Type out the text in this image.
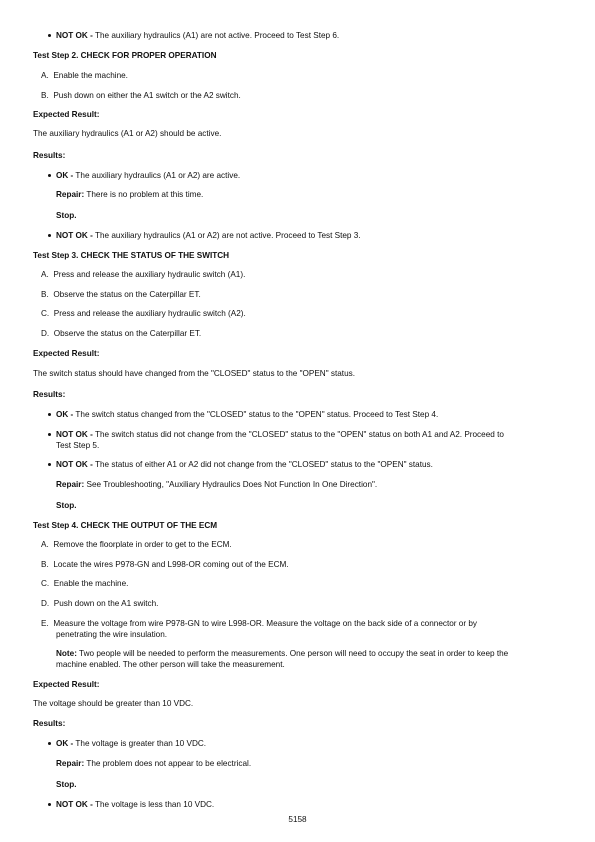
NOT OK - The auxiliary hydraulics (A1) are not active. Proceed to Test Step 6.
Test Step 2. CHECK FOR PROPER OPERATION
A. Enable the machine.
B. Push down on either the A1 switch or the A2 switch.
Expected Result:
The auxiliary hydraulics (A1 or A2) should be active.
Results:
OK - The auxiliary hydraulics (A1 or A2) are active.
Repair: There is no problem at this time.
Stop.
NOT OK - The auxiliary hydraulics (A1 or A2) are not active. Proceed to Test Step 3.
Test Step 3. CHECK THE STATUS OF THE SWITCH
A. Press and release the auxiliary hydraulic switch (A1).
B. Observe the status on the Caterpillar ET.
C. Press and release the auxiliary hydraulic switch (A2).
D. Observe the status on the Caterpillar ET.
Expected Result:
The switch status should have changed from the "CLOSED" status to the "OPEN" status.
Results:
OK - The switch status changed from the "CLOSED" status to the "OPEN" status. Proceed to Test Step 4.
NOT OK - The switch status did not change from the "CLOSED" status to the "OPEN" status on both A1 and A2. Proceed to
Test Step 5.
NOT OK - The status of either A1 or A2 did not change from the "CLOSED" status to the "OPEN" status.
Repair: See Troubleshooting, "Auxiliary Hydraulics Does Not Function In One Direction".
Stop.
Test Step 4. CHECK THE OUTPUT OF THE ECM
A. Remove the floorplate in order to get to the ECM.
B. Locate the wires P978-GN and L998-OR coming out of the ECM.
C. Enable the machine.
D. Push down on the A1 switch.
E. Measure the voltage from wire P978-GN to wire L998-OR. Measure the voltage on the back side of a connector or by
penetrating the wire insulation.
Note: Two people will be needed to perform the measurements. One person will need to occupy the seat in order to keep the
machine enabled. The other person will take the measurement.
Expected Result:
The voltage should be greater than 10 VDC.
Results:
OK - The voltage is greater than 10 VDC.
Repair: The problem does not appear to be electrical.
Stop.
NOT OK - The voltage is less than 10 VDC.
5158
